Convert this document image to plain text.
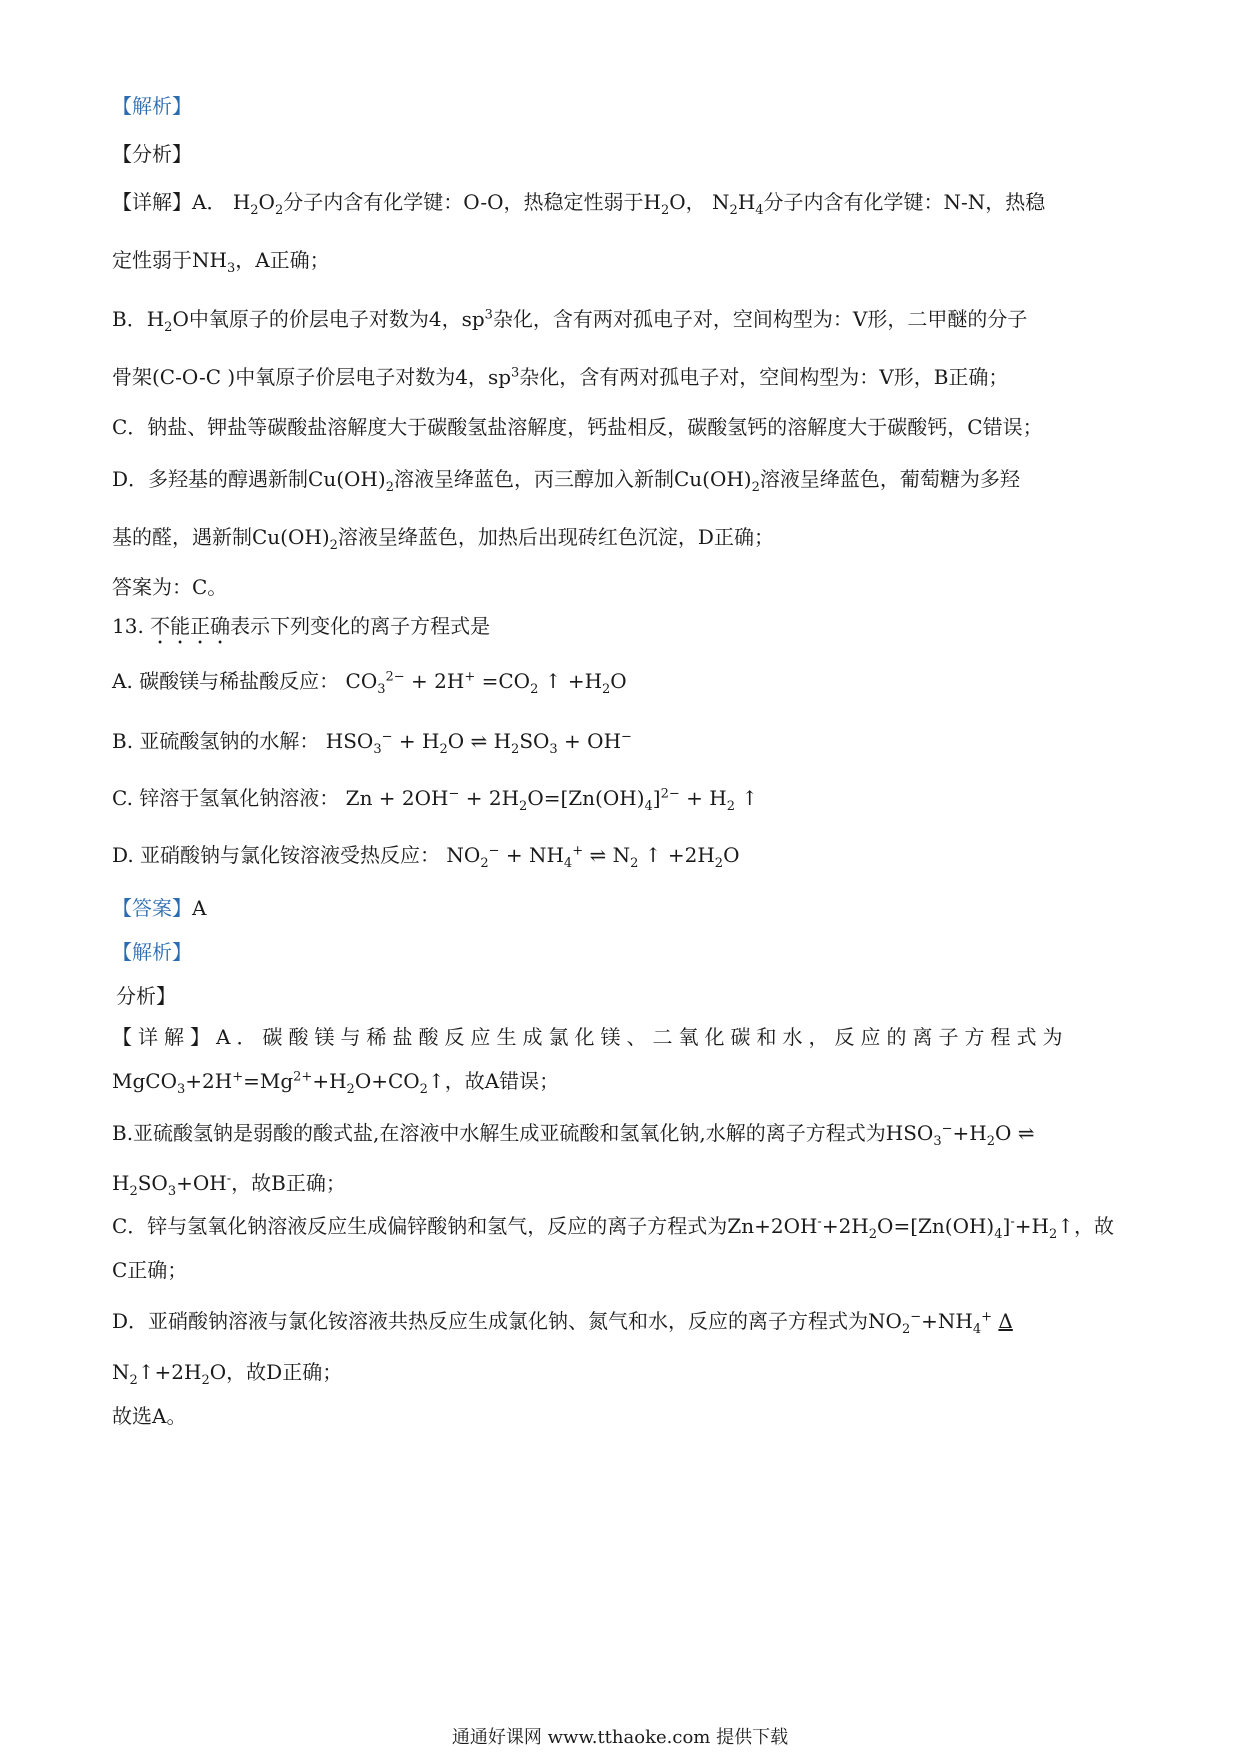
【解析】
【分析】
【详解】A． $H_2O_2$分子内含有化学键：O-O，热稳定性弱于$H_2O$， $N_2H_4$分子内含有化学键：N-N，热稳
定性弱于$NH_3$，A正确；
B．$H_2O$中氧原子的价层电子对数为4，$sp^3$杂化，含有两对孤电子对，空间构型为：V形，二甲醚的分子
骨架(C-O-C )中氧原子价层电子对数为4，$sp^3$杂化，含有两对孤电子对，空间构型为：V形，B正确；
C．钠盐、钾盐等碳酸盐溶解度大于碳酸氢盐溶解度，钙盐相反，碳酸氢钙的溶解度大于碳酸钙，C错误；
D．多羟基的醇遇新制$Cu(OH)_2$溶液呈绛蓝色，丙三醇加入新制$Cu(OH)_2$溶液呈绛蓝色，葡萄糖为多羟
基的醛，遇新制$Cu(OH)_2$溶液呈绛蓝色，加热后出现砖红色沉淀，D正确；
答案为：C。
13. 不能正确表示下列变化的离子方程式是
A. 碳酸镁与稀盐酸反应： $CO_3^{2-} + 2H^+ =CO_2$ ↑ $+H_2O$
B. 亚硫酸氢钠的水解： $HSO_3^- + H_2O$ ⇌ $H_2SO_3 + OH^-$
C. 锌溶于氢氧化钠溶液： $Zn + 2OH^- + 2H_2O=[Zn(OH)_4]^{2-} + H_2$ ↑
D. 亚硝酸钠与氯化铵溶液受热反应： $NO_2^- + NH_4^+$ ⇌ $N_2$ ↑ $+2H_2O$
【答案】A
【解析】
分析】
【详解】A．碳酸镁与稀盐酸反应生成氯化镁、二氧化碳和水，反应的离子方程式为
$MgCO_3+2H^+=Mg^{2+}+H_2O+CO_2↑$，故A错误；
B.亚硫酸氢钠是弱酸的酸式盐,在溶液中水解生成亚硫酸和氢氧化钠,水解的离子方程式为$HSO_3^-+H_2O$ ⇌
$H_2SO_3+OH^-$，故B正确；
C．锌与氢氧化钠溶液反应生成偏锌酸钠和氢气，反应的离子方程式为$Zn+2OH^-+2H_2O=[Zn(OH)_4]^-+H_2↑$，故
C正确；
D．亚硝酸钠溶液与氯化铵溶液共热反应生成氯化钠、氮气和水，反应的离子方程式为$NO_2^-+NH_4^+$ Δ
$N_2↑+2H_2O$，故D正确；
故选A。
通通好课网 www.tthaoke.com 提供下载
